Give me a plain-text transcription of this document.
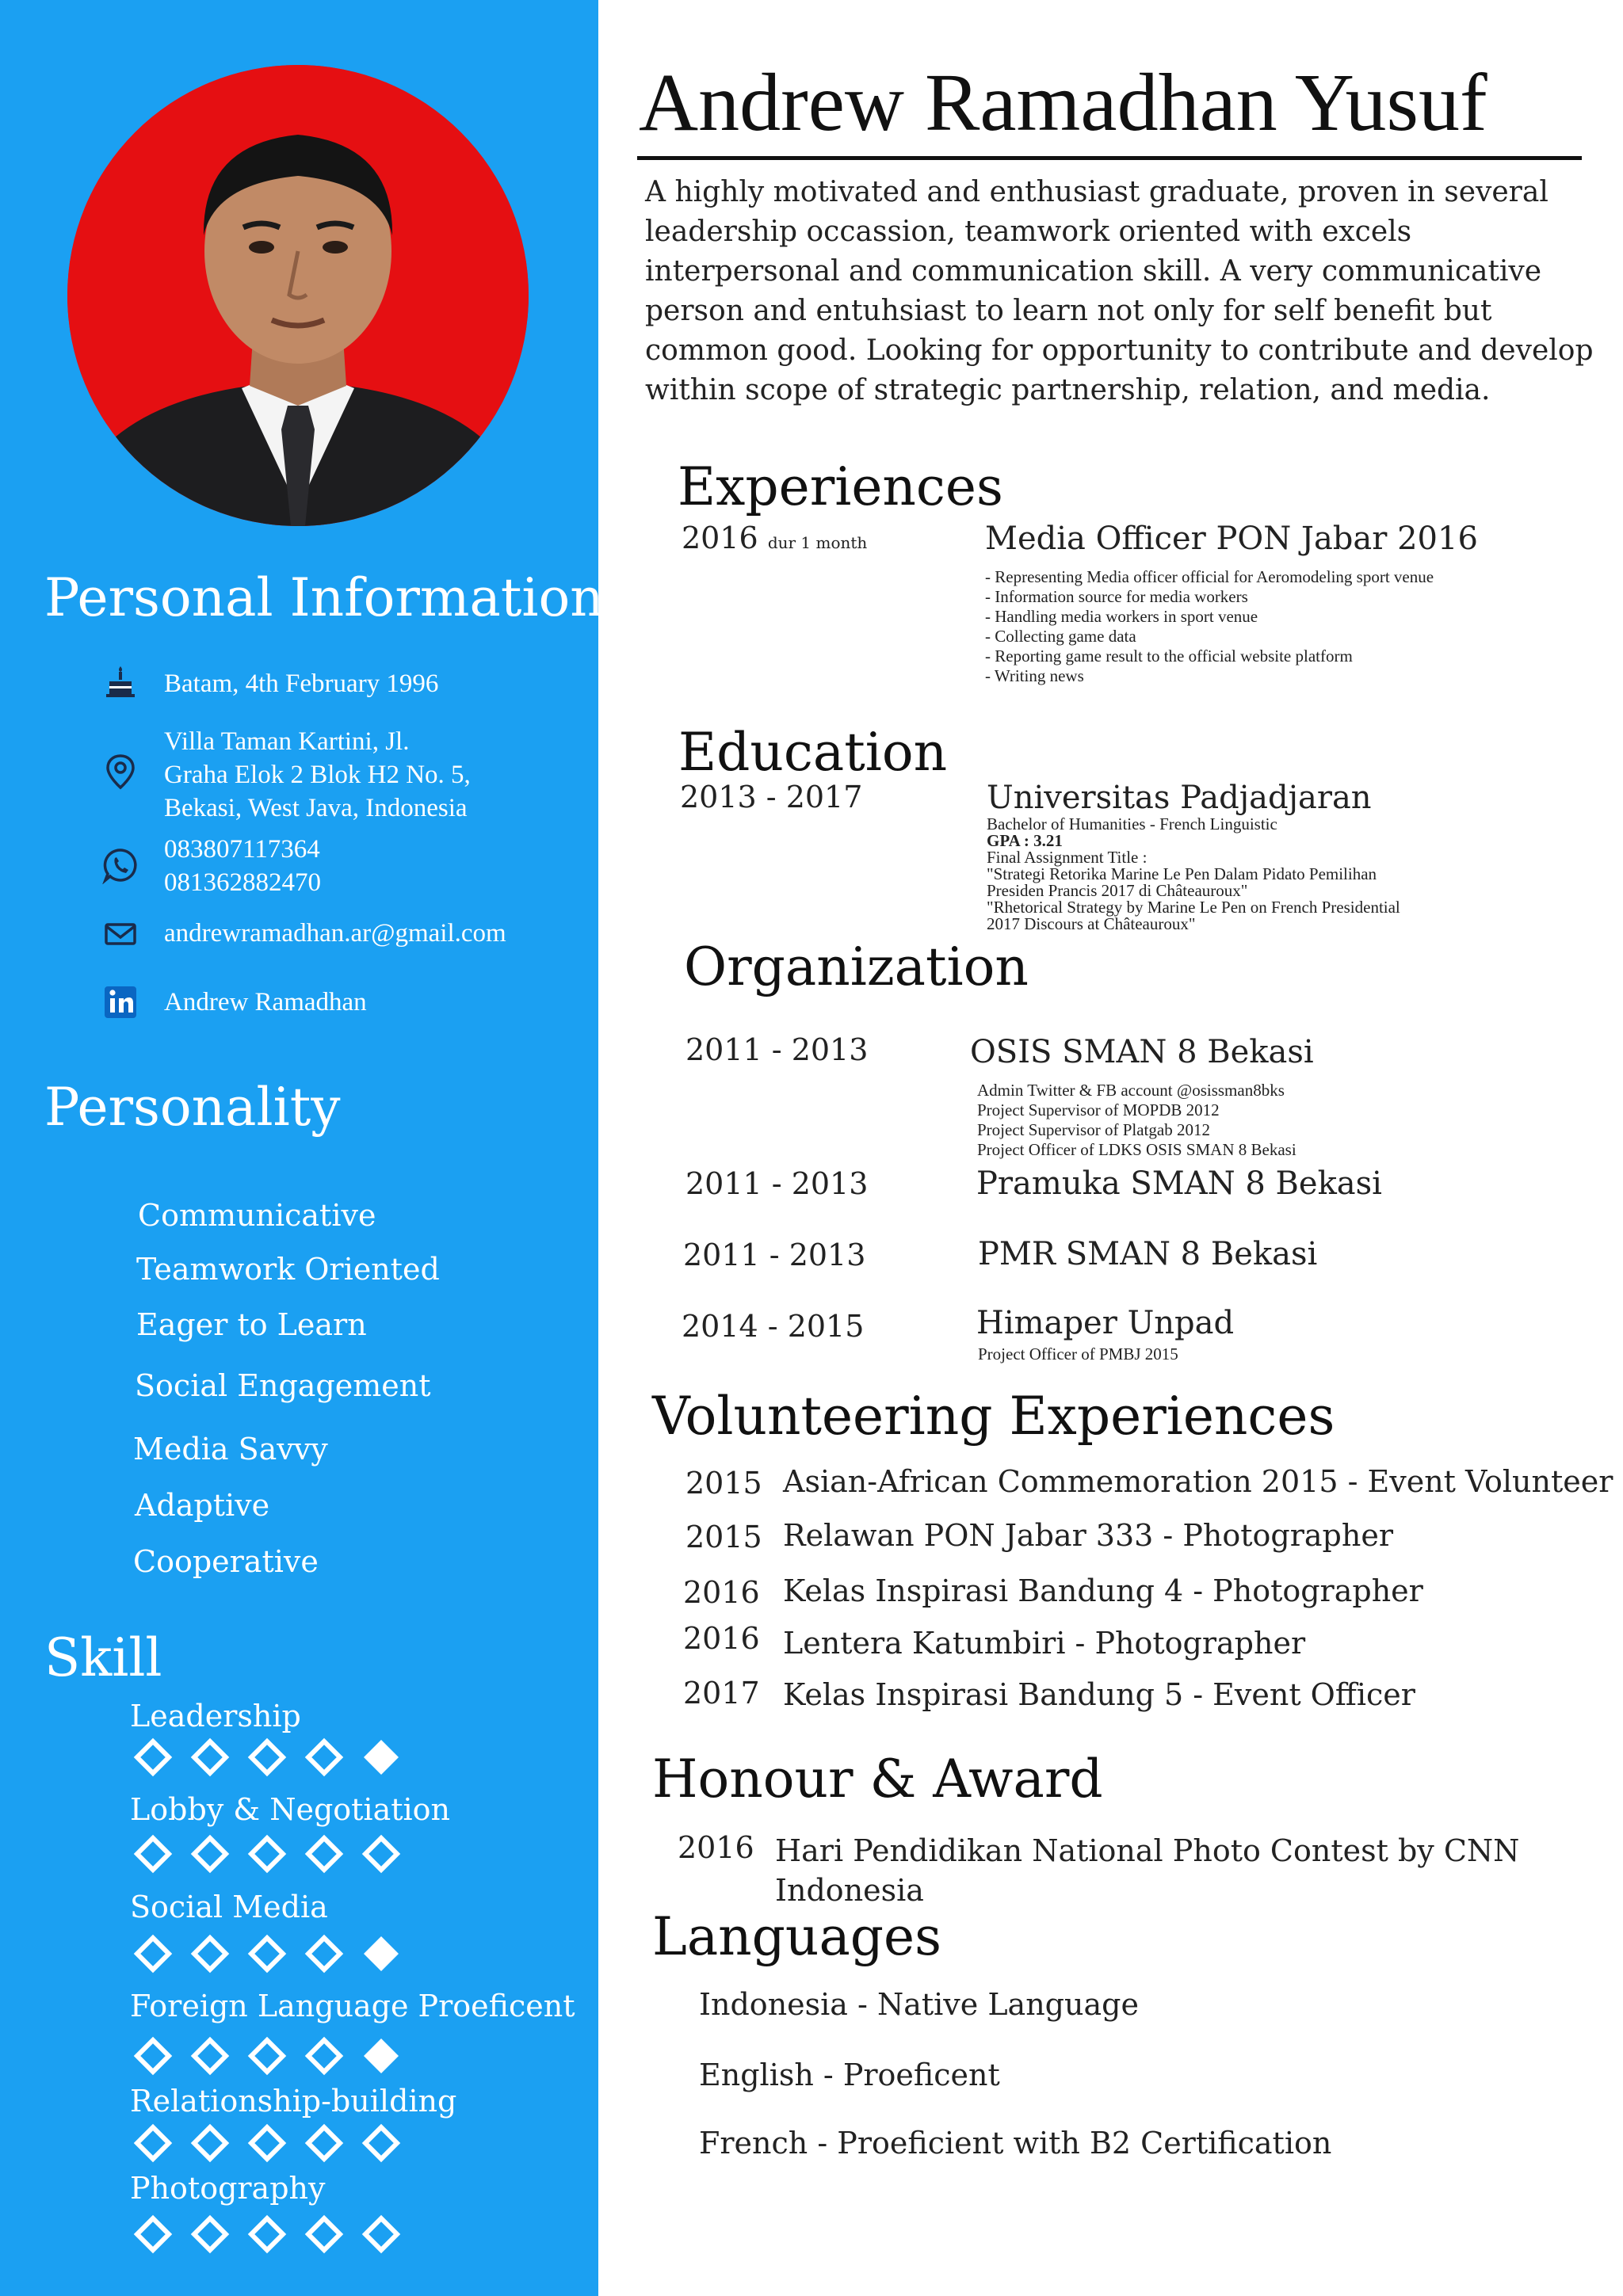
Personal Information
Batam, 4th February 1996
Villa Taman Kartini, Jl.
Graha Elok 2 Blok H2 No. 5,
Bekasi, West Java, Indonesia
083807117364
081362882470
andrewramadhan.ar@gmail.com
Andrew Ramadhan
Personality
Communicative
Teamwork Oriented
Eager to Learn
Social Engagement
Media Savvy
Adaptive
Cooperative
Skill
Leadership
Lobby & Negotiation
Social Media
Foreign Language Proeficent
Relationship-building
Photography
Andrew Ramadhan Yusuf
A highly motivated and enthusiast graduate, proven in several leadership occassion, teamwork oriented with excels interpersonal and communication skill. A very communicative person and entuhsiast to learn not only for self benefit but common good. Looking for opportunity to contribute and develop within scope of strategic partnership, relation, and media.
Experiences
2016 dur 1 month	Media Officer PON Jabar 2016
- Representing Media officer official for Aeromodeling sport venue
- Information source for media workers
- Handling media workers in sport venue
- Collecting game data
- Reporting game result to the official website platform
- Writing news
Education
2013 - 2017	Universitas Padjadjaran
Bachelor of Humanities - French Linguistic
GPA : 3.21
Final Assignment Title :
"Strategi Retorika Marine Le Pen Dalam Pidato Pemilihan
Presiden Prancis 2017 di Châteauroux"
"Rhetorical Strategy by Marine Le Pen on French Presidential
2017 Discours at Châteauroux"
Organization
2011 - 2013	OSIS SMAN 8 Bekasi
Admin Twitter & FB account @osissman8bks
Project Supervisor of MOPDB 2012
Project Supervisor of Platgab 2012
Project Officer of LDKS OSIS SMAN 8 Bekasi
2011 - 2013	Pramuka SMAN 8 Bekasi
2011 - 2013	PMR SMAN 8 Bekasi
2014 - 2015	Himaper Unpad
Project Officer of PMBJ 2015
Volunteering Experiences
2015 Asian-African Commemoration 2015 - Event Volunteer
2015 Relawan PON Jabar 333 - Photographer
2016 Kelas Inspirasi Bandung 4 - Photographer
2016 Lentera Katumbiri - Photographer
2017 Kelas Inspirasi Bandung 5 - Event Officer
Honour & Award
2016 Hari Pendidikan National Photo Contest by CNN
Indonesia
Languages
Indonesia - Native Language
English - Proeficent
French - Proeficient with B2 Certification
